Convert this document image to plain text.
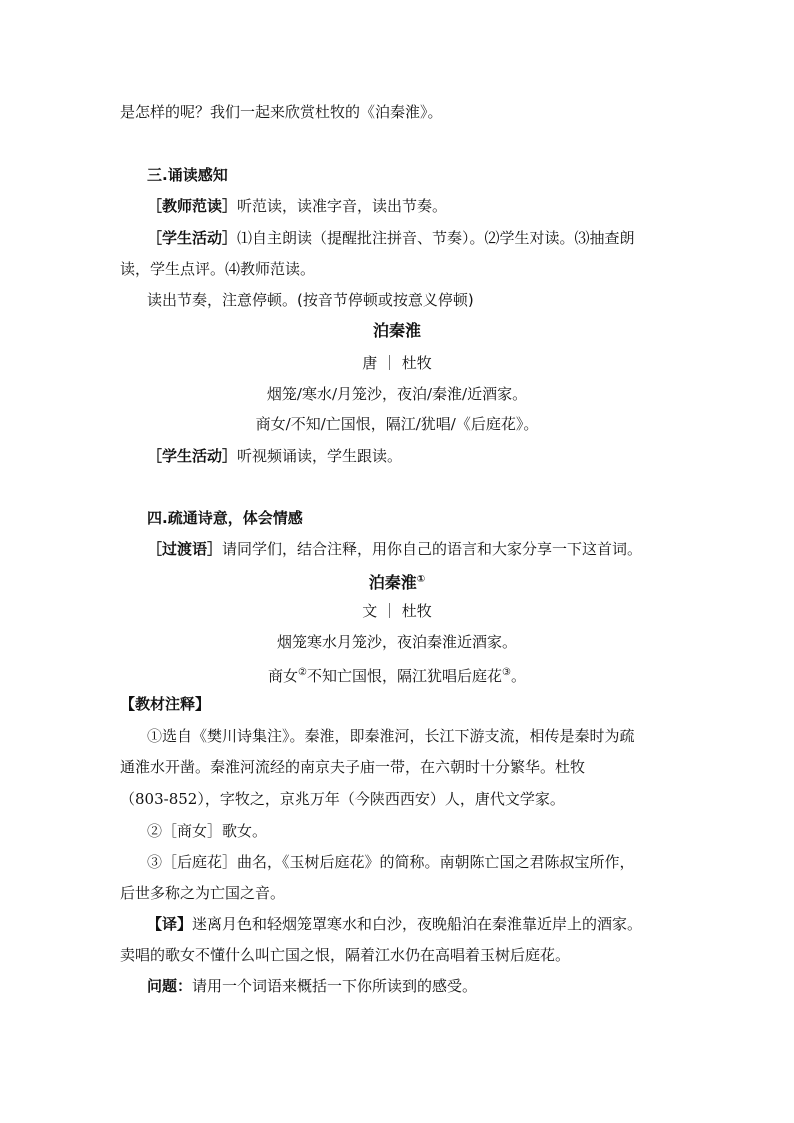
是怎样的呢？我们一起来欣赏杜牧的《泊秦淮》。
三.诵读感知
［教师范读］听范读，读准字音，读出节奏。
［学生活动］⑴自主朗读（提醒批注拼音、节奏）。⑵学生对读。⑶抽查朗
读，学生点评。⑷教师范读。
读出节奏，注意停顿。(按音节停顿或按意义停顿)
泊秦淮
唐 ｜ 杜牧
烟笼/寒水/月笼沙，夜泊/秦淮/近酒家。
商女/不知/亡国恨，隔江/犹唱/《后庭花》。
［学生活动］听视频诵读，学生跟读。
四.疏通诗意，体会情感
［过渡语］请同学们，结合注释，用你自己的语言和大家分享一下这首词。
泊秦淮①
文 ｜ 杜牧
烟笼寒水月笼沙，夜泊秦淮近酒家。
商女②不知亡国恨，隔江犹唱后庭花③。
【教材注释】
①选自《樊川诗集注》。秦淮，即秦淮河，长江下游支流，相传是秦时为疏
通淮水开凿。秦淮河流经的南京夫子庙一带，在六朝时十分繁华。杜牧
（803-852），字牧之，京兆万年（今陕西西安）人，唐代文学家。
②［商女］歌女。
③［后庭花］曲名，《玉树后庭花》的简称。南朝陈亡国之君陈叔宝所作，
后世多称之为亡国之音。
【译】迷离月色和轻烟笼罩寒水和白沙，夜晚船泊在秦淮靠近岸上的酒家。
卖唱的歌女不懂什么叫亡国之恨，隔着江水仍在高唱着玉树后庭花。
问题：请用一个词语来概括一下你所读到的感受。
